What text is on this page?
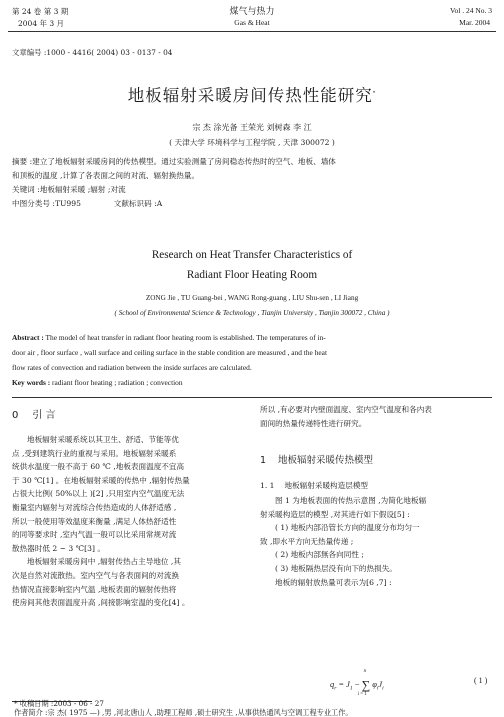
第 24 卷 第 3 期
2004 年 3 月
煤气与热力
Gas & Heat
Vol . 24 No. 3
Mar. 2004
文章编号 :1000 - 4416( 2004) 03 - 0137 - 04
地板辐射采暖房间传热性能研究*
宗 杰 涂光备 王荣光 刘树森 李 江
( 天津大学 环境科学与工程学院 , 天津 300072 )
摘要 :建立了地板辐射采暖房间的传热模型。通过实验测量了房间稳态传热时的空气、地板、墙体
和顶板的温度 ,计算了各表面之间的对流、辐射换热量。
关键词 :地板辐射采暖 ;辐射 ;对流
中图分类号 :TU995	文献标识码 :A
Research on Heat Transfer Characteristics of
Radiant Floor Heating Room
ZONG Jie , TU Guang-bei , WANG Rong-guang , LIU Shu-sen , LI Jiang
( School of Environmental Science & Technology , Tianjin University , Tianjin 300072 , China )
Abstract : The model of heat transfer in radiant floor heating room is established. The temperatures of in-
door air , floor surface , wall surface and ceiling surface in the stable condition are measured , and the heat
flow rates of convection and radiation between the inside surfaces are calculated.
Key words : radiant floor heating ; radiation ; convection
0 引 言
地板辐射采暖系统以其卫生、舒适、节能等优
点 ,受到建筑行业的重视与采用。地板辐射采暖系
统供水温度一般不高于 60 ℃ ,地板表面温度不宜高
于 30 ℃[1] 。在地板辐射采暖的传热中 ,辐射传热量
占很大比例( 50%以上 )[2] ,只用室内空气温度无法
衡量室内辐射与对流综合传热造成的人体舒适感 ,
所以一般使用等效温度来衡量 ,满足人体热舒适性
的同等要求时 ,室内气温一般可以比采用常规对流
散热器时低 2 ~ 3 ℃[3] 。
地板辐射采暖房间中 ,辐射传热占主导地位 ,其
次是自然对流散热。室内空气与各表面间的对流换
热情况直接影响室内气温 ,地板表面的辐射传热将
使房间其他表面温度升高 ,间接影响室温的变化[4] 。
所以 ,有必要对内壁面温度、室内空气温度和各内表
面间的热量传递特性进行研究。
1 地板辐射采暖传热模型
1. 1 地板辐射采暖构造层模型
图 1 为地板表面的传热示意图 ,为简化地板辐
射采暖构造层的模型 ,对其进行如下假设[5] :
( 1) 地板内部沿管长方向的温度分布均匀一
致 ,即水平方向无热量传递 ;
( 2) 地板内部無各向同性 ;
( 3) 地板隔热层没有向下的热损失。
地板的辐射放热量可表示为[6 ,7] :
$q_r = J_1$ − ∑
n
i = 1
$\varphi_iJ_i$
( 1 )
* 收稿日期 :2003 - 06 - 27
作者简介 :宗 杰( 1975 —) ,男 ,河北唐山人 ,助理工程师 ,硕士研究生 ,从事供热通风与空调工程专业工作。
